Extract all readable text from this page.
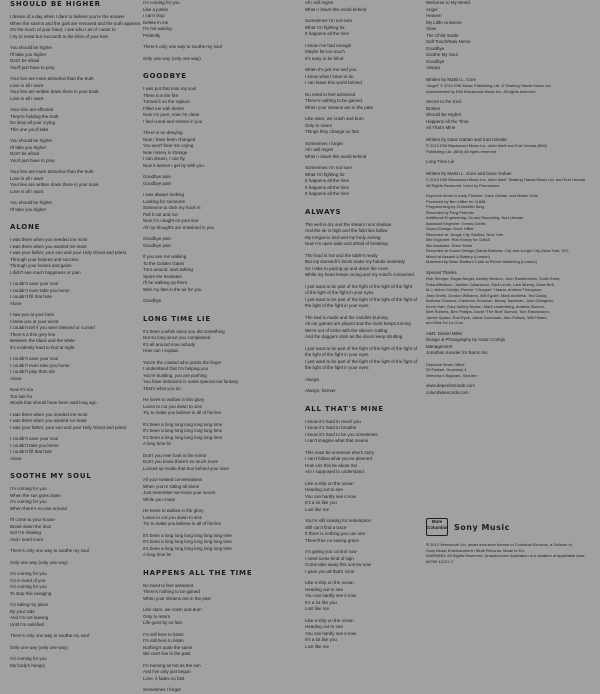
SHOULD BE HIGHER
I dream of a day when I dare to believe you're the answer
When the storms and the guilt are removed and the truth appears
On the touch of your hand, I see who I am if I want to
I try to resist but succumb to the bliss of your kiss
You should be higher
I'll take you higher
Don't be afraid
You'll just have to pray
Your lies are more attractive than the truth
Love is all I want
Your lies are written down there in your book
Love is all I want
Your sins are effected
They're holding the truth
Do drop all your crying
This one you'll take
You should be higher
I'll take you higher
Don't be afraid
You'll just have to pray
Your lies are more attractive than the truth
Love is all I want
Your lies are written down there in your book
Love is all I want
You should be higher
I'll take you higher
ALONE
I was there when you needed me most
I was there when you wanted me least
I was your father, your son and your Holy Ghost and priest
Through your failures and success
Through your losses and gains
I didn't see much happiness or pain
I couldn't save your soul
I couldn't even take you home
I couldn't fill that hole
Alone
I saw you at your best
I knew you at your worst
I couldn't tell if you were blessed or cursed
There's a thin grey line
Between the black and the white
It's evidently hard to find at night
I couldn't save your soul
I couldn't even take you home
I couldn't play that role
Alone
Now it's too
Too late for
Words that should have been said long ago
I was there when you needed me most
I was there when you wanted me least
I was your father, your son and your Holy Ghost and priest
I couldn't save your soul
I couldn't take you home
I couldn't fill that hole
Alone
SOOTHE MY SOUL
I'm coming for you
When the sun goes down
I'm coming for you
When there's no-one around
I'll come to your house
Break down the door
Girl I'm shaking
And I need more
There's only one way to soothe my soul
Only one way (only one way)
I'm coming for you
I'm in need of you
I'm coming for you
To stop this ravaging
I'm taking my place
By your side
And I'm not leaving
Until I'm satisfied
There's only one way to soothe my soul
Only one way (only one way)
I'm coming for you
My body's hungry
I'm coming for you
Like a junkie
I can't stop
Delete in me
I'm not waiting
Patiently
There's only one way to soothe my soul
Only one way (only one way)
GOODBYE
I was put that took my soul
There it in the fire
Turned it on the rapture
Filled me with desire
Now I'm pure, now I'm clean
I feel cured and serene in you
There is no denying
Now I have been changed
You won't hear me crying
Now misery is strange
I can dream, I can fly
Now it seems I get by with you
Goodbye pain
Goodbye pain
I was always looking
Looking for someone
Someone to stick my hook in
Pull it out and run
Now I'm caught on your line
All my thoughts are entwined in you
Goodbye pain
Goodbye pain
If you see me walking
To the Golden Gates
Turn around, start talking
Spare the hesitates
I'll be walking up there
With my fate in the air for you
Goodbye
LONG TIME LIE
It's been a while since you did something
Not so long since you complained
It's all around now nobody
How can I explain
You're the coward who points the finger
I understand that I'm helping you
You're building, you are pushing
You have delusions in some spaced-out fantasy
That's what you do
He loves to wallow in this glory
Loves to cut you down to size
Try to make you believe in all of his lies
It's been a long long long long long time
It's been a long long long long long time
It's been a long long long long long time
A long time lie
Don't you ever look in the mirror
Don't you know there's so much more
Locked up inside that box behind your door
All your twisted conversations
When you're sitting all alone
Just remember we know your secret
While you moan
He loves to wallow in the glory
Loves to cut you down to size
Try to make you believe in all of his lies
It's been a long long long long long long time
It's been a long long long long long long time
It's been a long long long long long long time
A long time lie
HAPPENS ALL THE TIME
No need to feel ashamed
There's nothing to be gained
When your dreams are in the past
Like stars, we crash and burn
Only to return
Life goes by so fast
I'm still here to listen
I'm still here to listen
Nothing's quite the same
We can't live in the past
I'm burning as hot as the sun
And I've only just begun
Love, it fades so fast
Sometimes I forget
All I will regret
When I leave this world behind
Sometimes I'm not sure
What I'm fighting for
It happens all the time
I know I've had enough
Maybe far too much
It's easy to be blind
When it's just me and you
I know what I have to do
I can leave this world behind
No need to feel ashamed
There's nothing to be gained
When your dreams are in the past
Like stars, we crash and burn
Only to return
Things they change so fast
Sometimes I forget
All I will regret
When I leave this world behind
Sometimes I'm not sure
What I'm fighting for
It happens all the time
It happens all the time
It happens all the time
ALWAYS
The well is dry and the stream runs shallow
And the air is high and the field lies fallow
My tongue is tied and my body aching
Now I'm open wide and afraid of breaking
The food is hot and the table's ready
But my stomach's knots make my hands unsteady
So I take to pacing up and down the room
While my heart keeps racing and my mind's consumed
I just want to be part of the fight of the light of the fight
of the light of the fight in your eyes
I just want to be part of the fight of the light of the fight of
the light of the fight in your eyes
The bed is made and the candles burning
All our games are played and the clock keeps turning
We're out of tricks with the silence cutting
And the daggers stick as the doors keep shutting
I just want to be part of the fight of the light of the fight of
the light of the fight in your eyes
I just want to be part of the fight of the light of the fight of
the light of the fight in your eyes
Always
Always, forever
ALL THAT'S MINE
I know it's hard to reach you
I know it's hard to breathe
I know it's hard to be you sometimes
I can't imagine what that means
This must be someone else's story
I can't follow what you've planned
How can this be about me
Am I supposed to understand
Like a ship on the ocean
Heading out to sea
You can hardly see it now
It's a lot like you
Lost like me
You're still looking for redemption
Still can't find a trace
If there is nothing you can see
There'll be no saving grace
I'm giving you control now
I need some kind of sign
Come take away this sorrow now
I gave you all that's mine
Like a ship on the ocean
Heading out to sea
You can hardly see it now
It's a lot like you
Lost like me
Like a ship on the ocean
Heading out to sea
You can hardly see it now
It's a lot like you
Lost like me
Welcome to My World
Angel
Heaven
My Little Universe
Slow
The Child Inside
Soft Touch/Raw Nerve
Goodbye
Soothe My Soul
Goodbye
Always
Written by Martin L. Gore
"Angel" © 2012 EMI Music Publishing Ltd. & Shaking Hands Music Ltd.
Administered by EMI Blackwood Music Inc. All rights reserved.
Secret to the End
Broken
Should Be Higher
Happens All the Time
All That's Mine
Written by Dave Gahan and Kurt Uenala
© 2012 EMI Blackwood Music Inc. o/b/o itself and Kurt Uenala (BMI)
Publishing Ltd. (BMI) All rights reserved.
Long Time Lie
Written by Martin L. Gore and Dave Gahan
© 2012 EMI Blackwood Music Inc. o/b/o itself, Shaking Hands Music Ltd. and Kurt Uenala
All Rights Reserved. Used by Permission.
Depeche Mode is Andy Fletcher, Dave Gahan, and Martin Gore
Produced by Ben Hillier for 11848
Programming by Christoffer Berg
Recorded by Ferg Peterkin
Additional Engineering: Drums Recording: Kurt Uenala
Assistant Engineer: Tomas Dohlin
Sound Design: Dave Hillier
Recorded at: Jungle City Studios, New York
Mix Engineer: Rob Kinsey for 11848
Mix Assistant: Drew Smith
Recorded at Sound Design (Santa Barbara, CA) and Jungle City (New York, NY)
Mixed at Assault & Battery (London)
Mastered by Brian Radford Clark at Pierce Mastering (London)
Special Thanks
Rob Stringer, Edgar Berger, Ashley Newton, John Rankenstein, Scott Greer,
Erika Affeldson, Jasleen Johansson, Saul Levitz, Lars Murray, Dave Bell,
M.J. Anton Corbijn, Ronnie "Chopper" Haarla, Andrew Thompson,
Jean Smith, Gordon Williams, Will Egolfe, Mark Andretta, Ted Grady,
Barbara Charone, Cameron Donovan, Benny Taubman, John Giangiulio,
Kevin Hart, Gary Ashley Norton, Mark Lindenberg, Andrew Slocum,
Bert Roberts, Ben Phillips, David "The Brat" Borrow, Tom Rasmussen,
James Spano, Ron Eyck, Jaime Goodman, Alex Pollock, Will Hinton,
and Nick De La Cruz
A&R: Daniel Miller
Design & Photography by Anton Corbijn
Management
Jonathan Kessler for Baron Inc.
Depeche Mode Office
25 Parkan, Hovedvej 4
Wreuma 4 Bagnant, Sweden
www.depechemode.com
columbiarecords.com
Mute Columbia Sony Music
℗ 2013 Venusnote Ltd. under exclusive license to Columbia Records, a Division of
Sony Music Entertainment / Mute Records. Made in EU.
WARNING: All Rights Reserved. Unauthorized duplication is a violation of applicable laws.
88765 44231 2
